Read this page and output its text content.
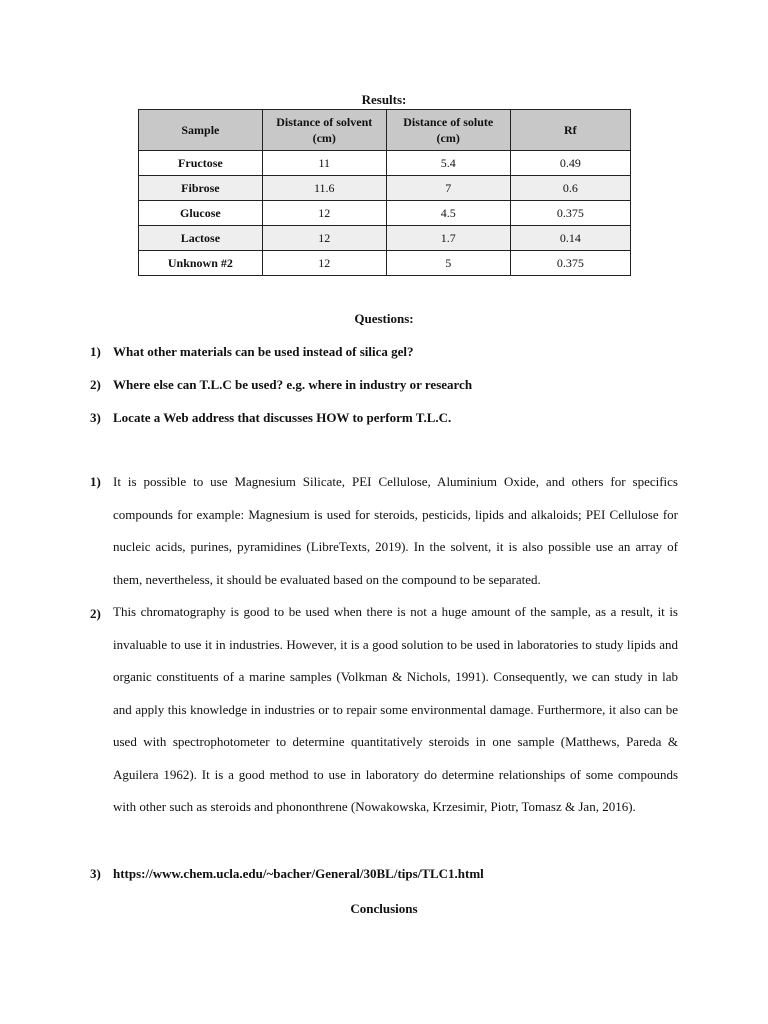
Results:
Sample	Distance of solvent (cm)	Distance of solute (cm)	Rf
Fructose	11	5.4	0.49
Fibrose	11.6	7	0.6
Glucose	12	4.5	0.375
Lactose	12	1.7	0.14
Unknown #2	12	5	0.375
Questions:
1) What other materials can be used instead of silica gel?
2) Where else can T.L.C be used? e.g. where in industry or research
3) Locate a Web address that discusses HOW to perform T.L.C.
1) It is possible to use Magnesium Silicate, PEI Cellulose, Aluminium Oxide, and others for specifics compounds for example: Magnesium is used for steroids, pesticids, lipids and alkaloids; PEI Cellulose for nucleic acids, purines, pyramidines (LibreTexts, 2019). In the solvent, it is also possible use an array of them, nevertheless, it should be evaluated based on the compound to be separated.
2) This chromatography is good to be used when there is not a huge amount of the sample, as a result, it is invaluable to use it in industries. However, it is a good solution to be used in laboratories to study lipids and organic constituents of a marine samples (Volkman & Nichols, 1991). Consequently, we can study in lab and apply this knowledge in industries or to repair some environmental damage. Furthermore, it also can be used with spectrophotometer to determine quantitatively steroids in one sample (Matthews, Pareda & Aguilera 1962). It is a good method to use in laboratory do determine relationships of some compounds with other such as steroids and phononthrene (Nowakowska, Krzesimir, Piotr, Tomasz & Jan, 2016).
3) https://www.chem.ucla.edu/~bacher/General/30BL/tips/TLC1.html
Conclusions
